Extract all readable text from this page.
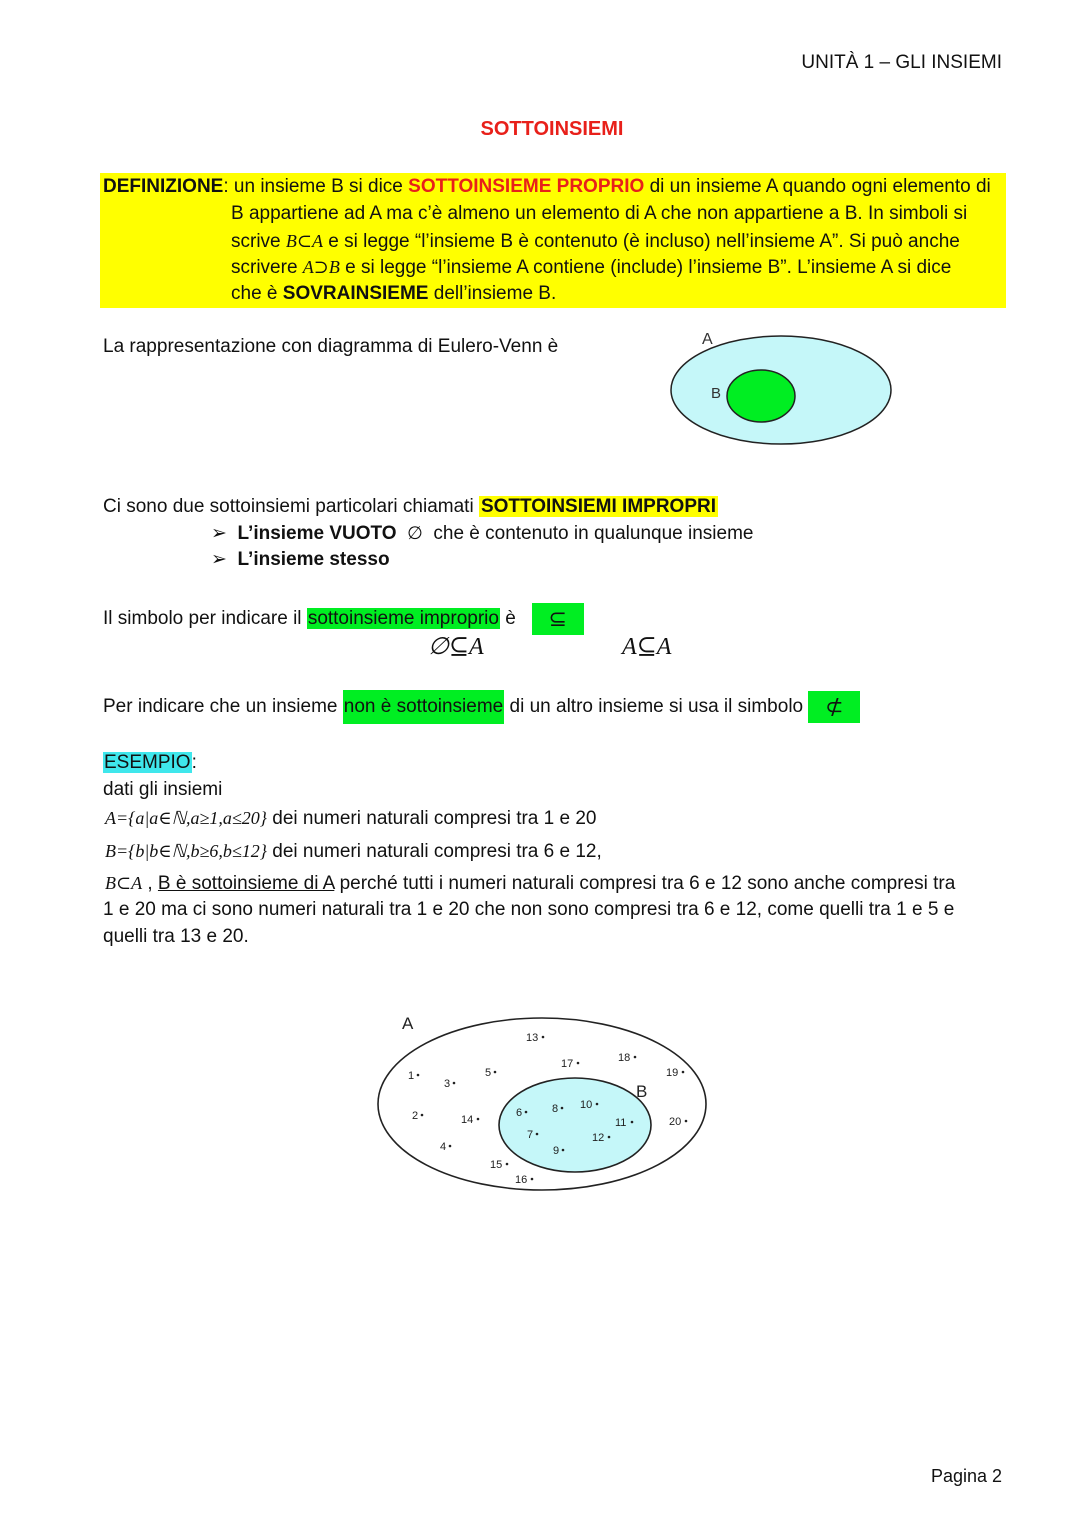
UNITÀ 1 – GLI INSIEMI
SOTTOINSIEMI
DEFINIZIONE: un insieme B si dice SOTTOINSIEME PROPRIO di un insieme A quando ogni elemento di
B appartiene ad A ma c’è almeno un elemento di A che non appartiene a B. In simboli si
scrive B⊂A e si legge “l’insieme B è contenuto (è incluso) nell’insieme A”. Si può anche
scrivere A⊃B e si legge “l’insieme A contiene (include) l’insieme B”. L’insieme A si dice
che è SOVRAINSIEME dell’insieme B.
La rappresentazione con diagramma di Eulero-Venn è	A
B
Ci sono due sottoinsiemi particolari chiamati SOTTOINSIEMI IMPROPRI
➢ L’insieme VUOTO ∅ che è contenuto in qualunque insieme
➢ L’insieme stesso
Il simbolo per indicare il sottoinsieme improprio è ⊆
∅⊆A	A⊆A
Per indicare che un insieme non è sottoinsieme di un altro insieme si usa il simbolo ⊄
ESEMPIO:
dati gli insiemi
A={a|a∈ℕ,a≥1,a≤20} dei numeri naturali compresi tra 1 e 20
B={b|b∈ℕ,b≥6,b≤12} dei numeri naturali compresi tra 6 e 12,
B⊂A , B è sottoinsieme di A perché tutti i numeri naturali compresi tra 6 e 12 sono anche compresi tra
1 e 20 ma ci sono numeri naturali tra 1 e 20 che non sono compresi tra 6 e 12, come quelli tra 1 e 5 e
quelli tra 13 e 20.
A
B
1
2
3
4
5
13
14
15
16
17	18
19
20
6
7
8
9
10
11
12
Pagina 2
